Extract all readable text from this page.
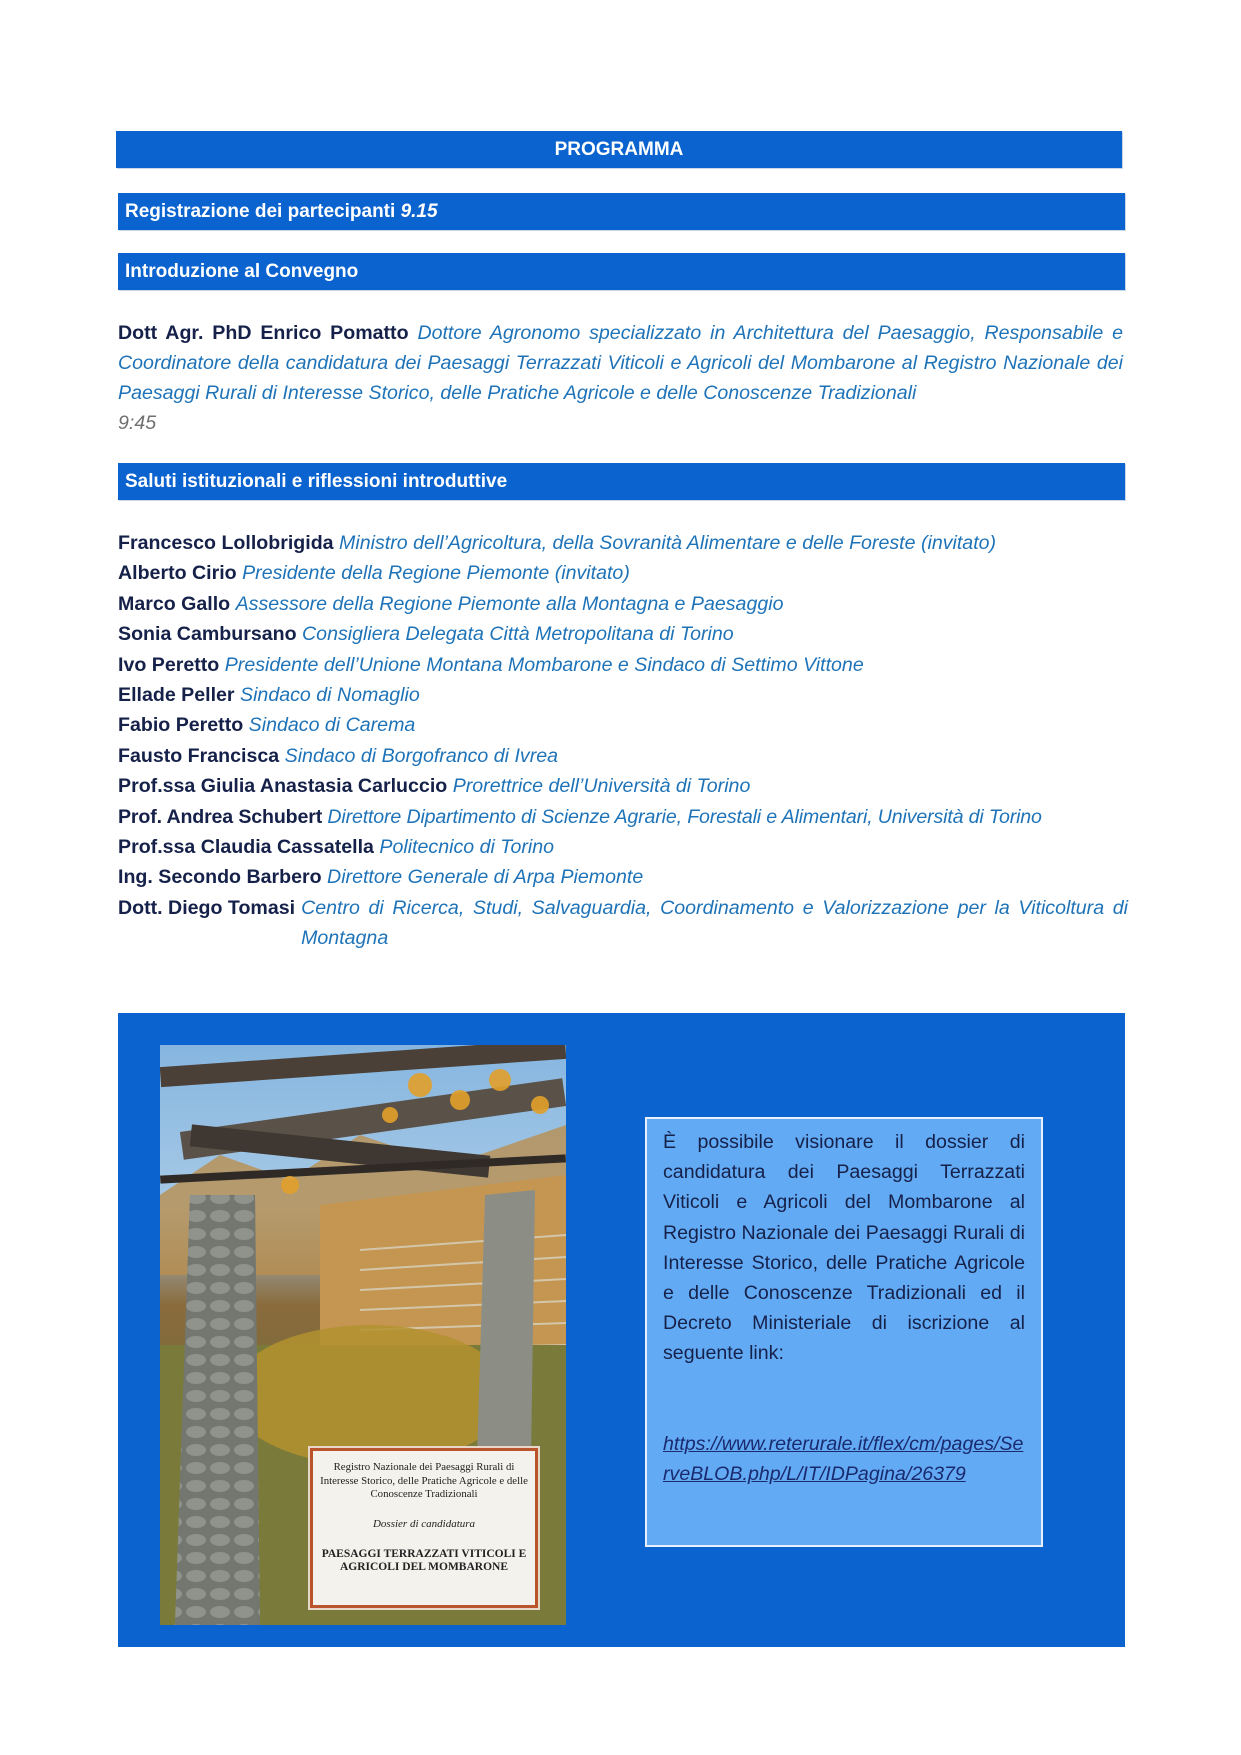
PROGRAMMA
Registrazione dei partecipanti 9.15
Introduzione al Convegno
Dott Agr. PhD Enrico Pomatto Dottore Agronomo specializzato in Architettura del Paesaggio, Responsabile e Coordinatore della candidatura dei Paesaggi Terrazzati Viticoli e Agricoli del Mombarone al Registro Nazionale dei Paesaggi Rurali di Interesse Storico, delle Pratiche Agricole e delle Conoscenze Tradizionali
9:45
Saluti istituzionali e riflessioni introduttive
Francesco Lollobrigida Ministro dell’Agricoltura, della Sovranità Alimentare e delle Foreste (invitato)
Alberto Cirio Presidente della Regione Piemonte (invitato)
Marco Gallo Assessore della Regione Piemonte alla Montagna e Paesaggio
Sonia Cambursano Consigliera Delegata Città Metropolitana di Torino
Ivo Peretto Presidente dell’Unione Montana Mombarone e Sindaco di Settimo Vittone
Ellade Peller Sindaco di Nomaglio
Fabio Peretto Sindaco di Carema
Fausto Francisca Sindaco di Borgofranco di Ivrea
Prof.ssa Giulia Anastasia Carluccio Prorettrice dell’Università di Torino
Prof. Andrea Schubert Direttore Dipartimento di Scienze Agrarie, Forestali e Alimentari, Università di Torino
Prof.ssa Claudia Cassatella Politecnico di Torino
Ing. Secondo Barbero Direttore Generale di Arpa Piemonte
Dott. Diego Tomasi Centro di Ricerca, Studi, Salvaguardia, Coordinamento e Valorizzazione per la Viticoltura di Montagna
Registro Nazionale dei Paesaggi Rurali di Interesse Storico, delle Pratiche Agricole e delle Conoscenze Tradizionali
Dossier di candidatura
PAESAGGI TERRAZZATI VITICOLI E AGRICOLI DEL MOMBARONE
È possibile visionare il dossier di candidatura dei Paesaggi Terrazzati Viticoli e Agricoli del Mombarone al Registro Nazionale dei Paesaggi Rurali di Interesse Storico, delle Pratiche Agricole e delle Conoscenze Tradizionali ed il Decreto Ministeriale di iscrizione al seguente link:
https://www.reterurale.it/flex/cm/pages/ServeBLOB.php/L/IT/IDPagina/26379
